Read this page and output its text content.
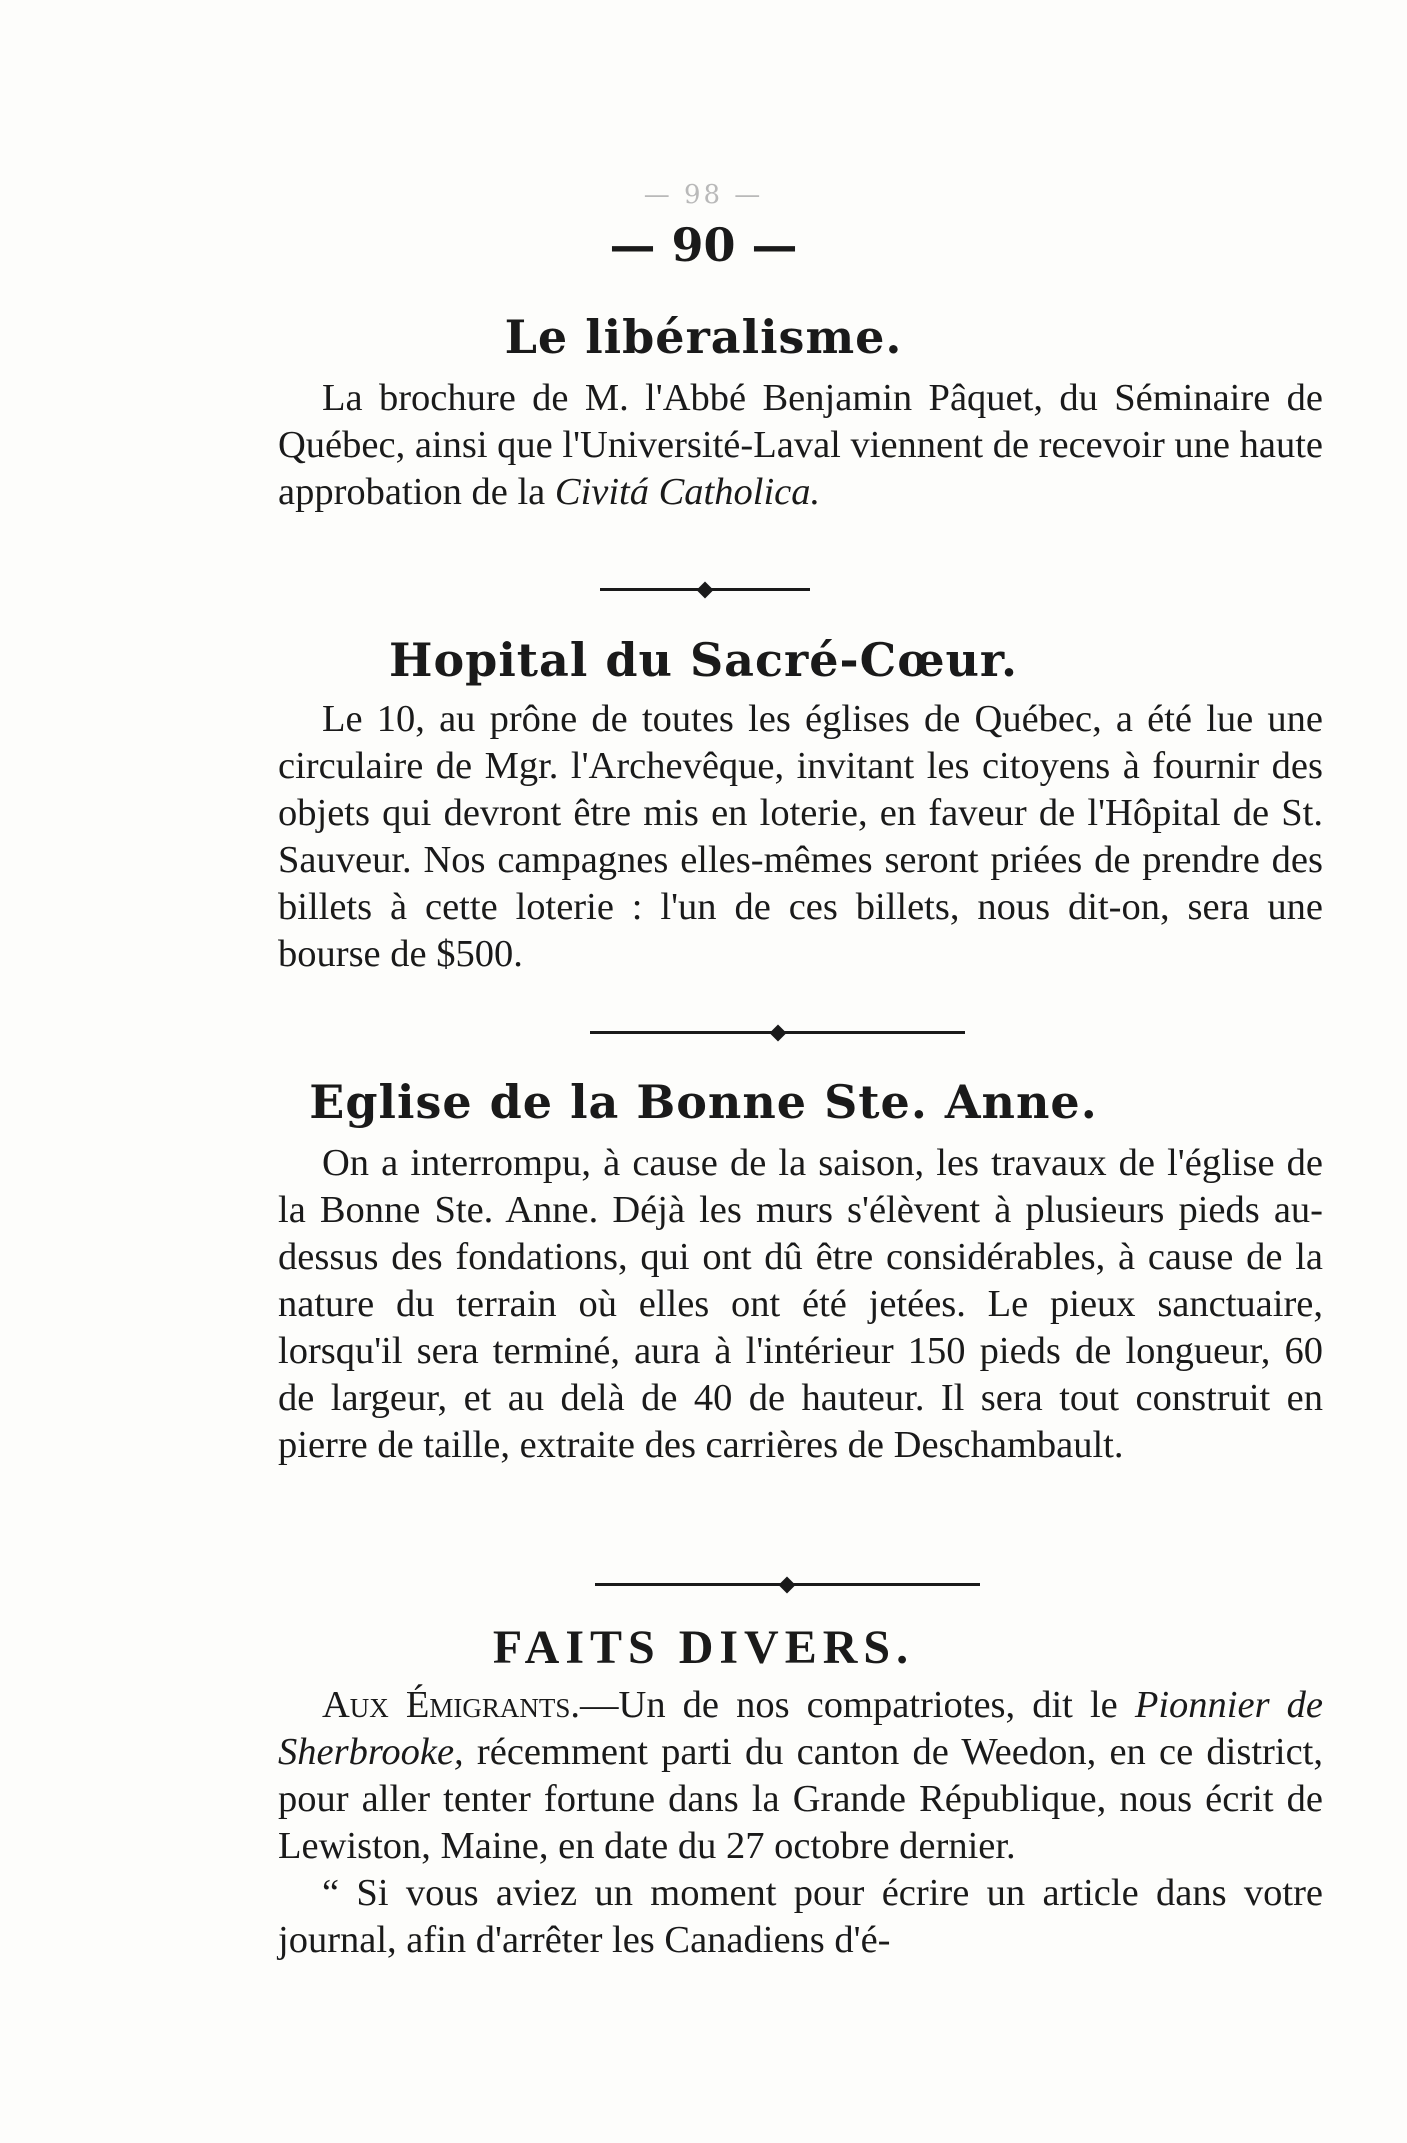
— 98 —
— 90 —
Le libéralisme.

La brochure de M. l'Abbé Benjamin Pâquet, du Séminaire de Québec, ainsi que l'Université-Laval viennent de recevoir une haute approbation de la Civitá Catholica.

Hopital du Sacré-Cœur.

Le 10, au prône de toutes les églises de Québec, a été lue une circulaire de Mgr. l'Archevêque, invitant les citoyens à fournir des objets qui devront être mis en loterie, en faveur de l'Hôpital de St. Sauveur. Nos campagnes elles-mêmes seront priées de prendre des billets à cette loterie : l'un de ces billets, nous dit-on, sera une bourse de $500.

Eglise de la Bonne Ste. Anne.

On a interrompu, à cause de la saison, les travaux de l'église de la Bonne Ste. Anne. Déjà les murs s'élèvent à plusieurs pieds au-dessus des fondations, qui ont dû être considérables, à cause de la nature du terrain où elles ont été jetées. Le pieux sanctuaire, lorsqu'il sera terminé, aura à l'intérieur 150 pieds de longueur, 60 de largeur, et au delà de 40 de hauteur. Il sera tout construit en pierre de taille, extraite des carrières de Deschambault.

FAITS DIVERS.

Aux Émigrants.—Un de nos compatriotes, dit le Pionnier de Sherbrooke, récemment parti du canton de Weedon, en ce district, pour aller tenter fortune dans la Grande République, nous écrit de Lewiston, Maine, en date du 27 octobre dernier.

“ Si vous aviez un moment pour écrire un article dans votre journal, afin d'arrêter les Canadiens d'é-
